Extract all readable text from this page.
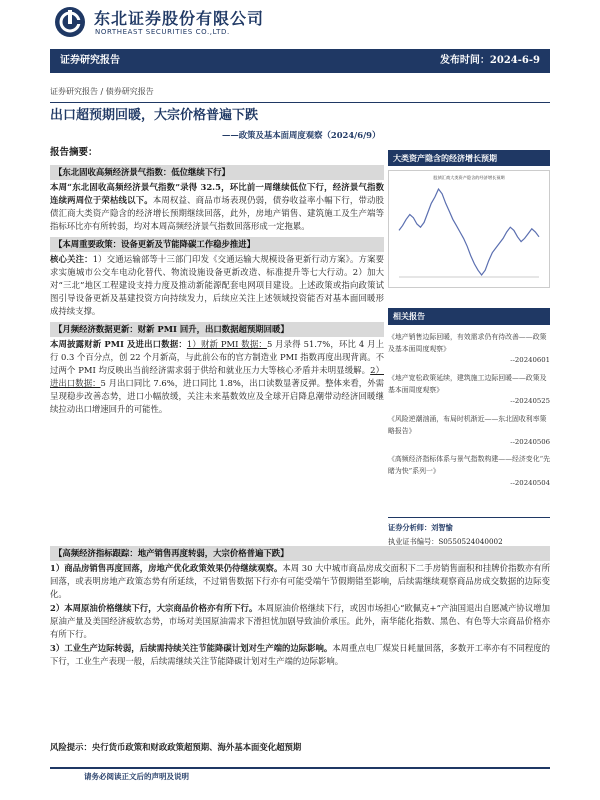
东北证券股份有限公司
NORTHEAST SECURITIES CO.,LTD.
证券研究报告	发布时间：2024-6-9
证券研究报告 / 债券研究报告
出口超预期回暖，大宗价格普遍下跌
——政策及基本面周度观察（2024/6/9）
报告摘要：
【东北固收高频经济景气指数：低位继续下行】
本周“东北固收高频经济景气指数”录得 32.5，环比前一周继续低位下行，经济景气指数连续两周位于荣枯线以下。本周权益、商品市场表现仍弱，债券收益率小幅下行，带动股债汇商大类资产隐含的经济增长预期继续回落，此外，房地产销售、建筑施工及生产端等指标环比亦有所转弱，均对本周高频经济景气指数回落形成一定拖累。
【本周重要政策：设备更新及节能降碳工作稳步推进】
核心关注：1）交通运输部等十三部门印发《交通运输大规模设备更新行动方案》。方案要求实施城市公交车电动化替代、物流设施设备更新改造、标准提升等七大行动。2）加大对“三北”地区工程建设支持力度及推动新能源配套电网项目建设。上述政策或指向政策试图引导设备更新及基建投资方向持续发力，后续应关注上述领域投资能否对基本面回暖形成持续支撑。
【月频经济数据更新：财新 PMI 回升，出口数据超预期回暖】
本周披露财新 PMI 及进出口数据：1）财新 PMI 数据：5 月录得 51.7%，环比 4 月上行 0.3 个百分点，创 22 个月新高，与此前公布的官方制造业 PMI 指数再度出现背离。不过两个 PMI 均反映出当前经济需求弱于供给和就业压力大等核心矛盾并未明显缓解。2）进出口数据：5 月出口同比 7.6%，进口同比 1.8%，出口读数显著反弹。整体来看，外需呈现稳步改善态势，进口小幅放缓，关注未来基数效应及全球开启降息潮带动经济回暖继续拉动出口增速回升的可能性。
大类资产隐含的经济增长预期
股债汇商大类资产隐含的经济增长预期
相关报告
《地产销售边际回暖，有效需求仍有待改善——政策及基本面周度观察》
--20240601
《地产宽松政策延续，建筑施工边际回暖——政策及基本面周度观察》
--20240525
《风险逆潮汹涌，布局时机渐近——东北固收利率策略报告》
--20240506
《高频经济指标体系与景气指数构建——经济变化“先睹为快”系列一》
--20240504
证券分析师：刘智愉
执业证书编号：S0550524040002

【高频经济指标跟踪：地产销售再度转弱，大宗价格普遍下跌】
1）商品房销售再度回落，房地产优化政策效果仍待继续观察。本周 30 大中城市商品房成交面积下二手房销售面积和挂牌价指数亦有所回落，或表明房地产政策态势有所延续，不过销售数据下行亦有可能受端午节假期错至影响，后续需继续观察商品房成交数据的边际变化。
2）本周原油价格继续下行，大宗商品价格亦有所下行。本周原油价格继续下行，或因市场担心“欧佩克+”产油国退出自愿减产协议增加原油产量及美国经济疲软态势，市场对美国原油需求下滑担忧加剧导致油价承压。此外，南华能化指数、黑色、有色等大宗商品价格亦有所下行。
3）工业生产边际转弱，后续需持续关注节能降碳计划对生产端的边际影响。本周重点电厂煤炭日耗量回落，多数开工率亦有不同程度的下行，工业生产表现一般，后续需继续关注节能降碳计划对生产端的边际影响。
风险提示：央行货币政策和财政政策超预期、海外基本面变化超预期
请务必阅读正文后的声明及说明
